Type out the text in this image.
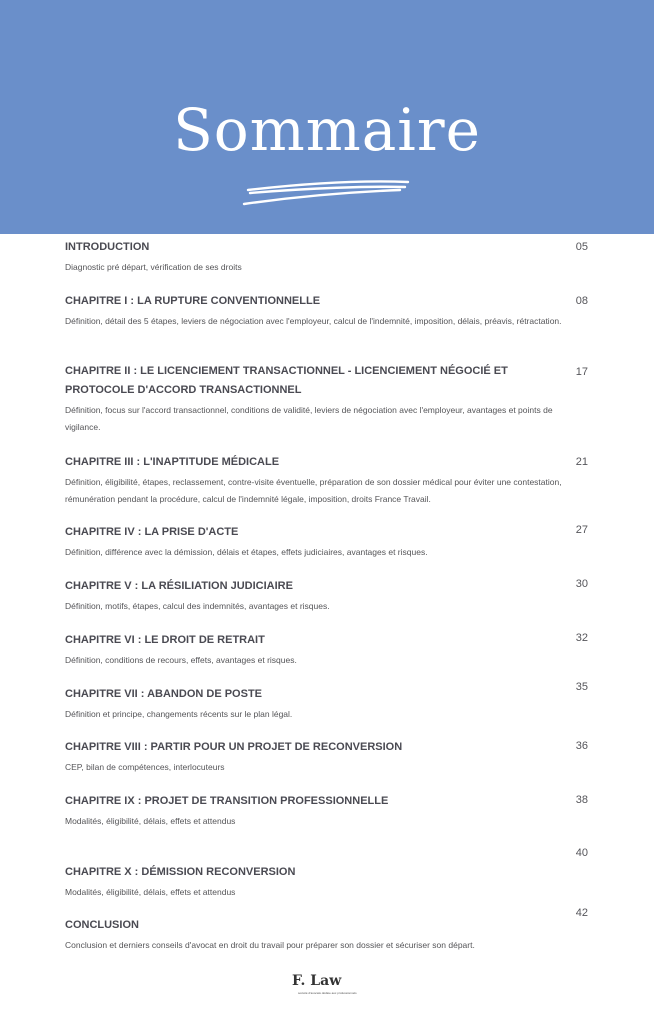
Sommaire
INTRODUCTION
Diagnostic pré départ, vérification de ses droits
05
CHAPITRE I : LA RUPTURE CONVENTIONNELLE
Définition, détail des 5 étapes, leviers de négociation avec l'employeur, calcul de l'indemnité, imposition, délais, préavis, rétractation.
08
CHAPITRE II : LE LICENCIEMENT TRANSACTIONNEL - LICENCIEMENT NÉGOCIÉ ET PROTOCOLE D'ACCORD TRANSACTIONNEL
Définition, focus sur l'accord transactionnel, conditions de validité, leviers de négociation avec l'employeur, avantages et points de vigilance.
17
CHAPITRE III : L'INAPTITUDE MÉDICALE
Définition, éligibilité, étapes, reclassement, contre-visite éventuelle, préparation de son dossier médical pour éviter une contestation, rémunération pendant la procédure, calcul de l'indemnité légale, imposition, droits France Travail.
21
CHAPITRE IV : LA PRISE D'ACTE
Définition, différence avec la démission, délais et étapes, effets judiciaires, avantages et risques.
27
CHAPITRE V : LA RÉSILIATION JUDICIAIRE
Définition, motifs, étapes, calcul des indemnités, avantages et risques.
30
CHAPITRE VI : LE DROIT DE RETRAIT
Définition, conditions de recours, effets, avantages et risques.
32
CHAPITRE VII : ABANDON DE POSTE
Définition et principe, changements récents sur le plan légal.
35
CHAPITRE VIII : PARTIR POUR UN PROJET DE RECONVERSION
CEP, bilan de compétences, interlocuteurs
36
CHAPITRE IX : PROJET DE TRANSITION PROFESSIONNELLE
Modalités, éligibilité, délais, effets et attendus
38
CHAPITRE X : DÉMISSION RECONVERSION
Modalités, éligibilité, délais, effets et attendus
40
CONCLUSION
Conclusion et derniers conseils d'avocat en droit du travail pour préparer son dossier et sécuriser son départ.
42
F. Law
société d'avocats dédiée aux professionnels
